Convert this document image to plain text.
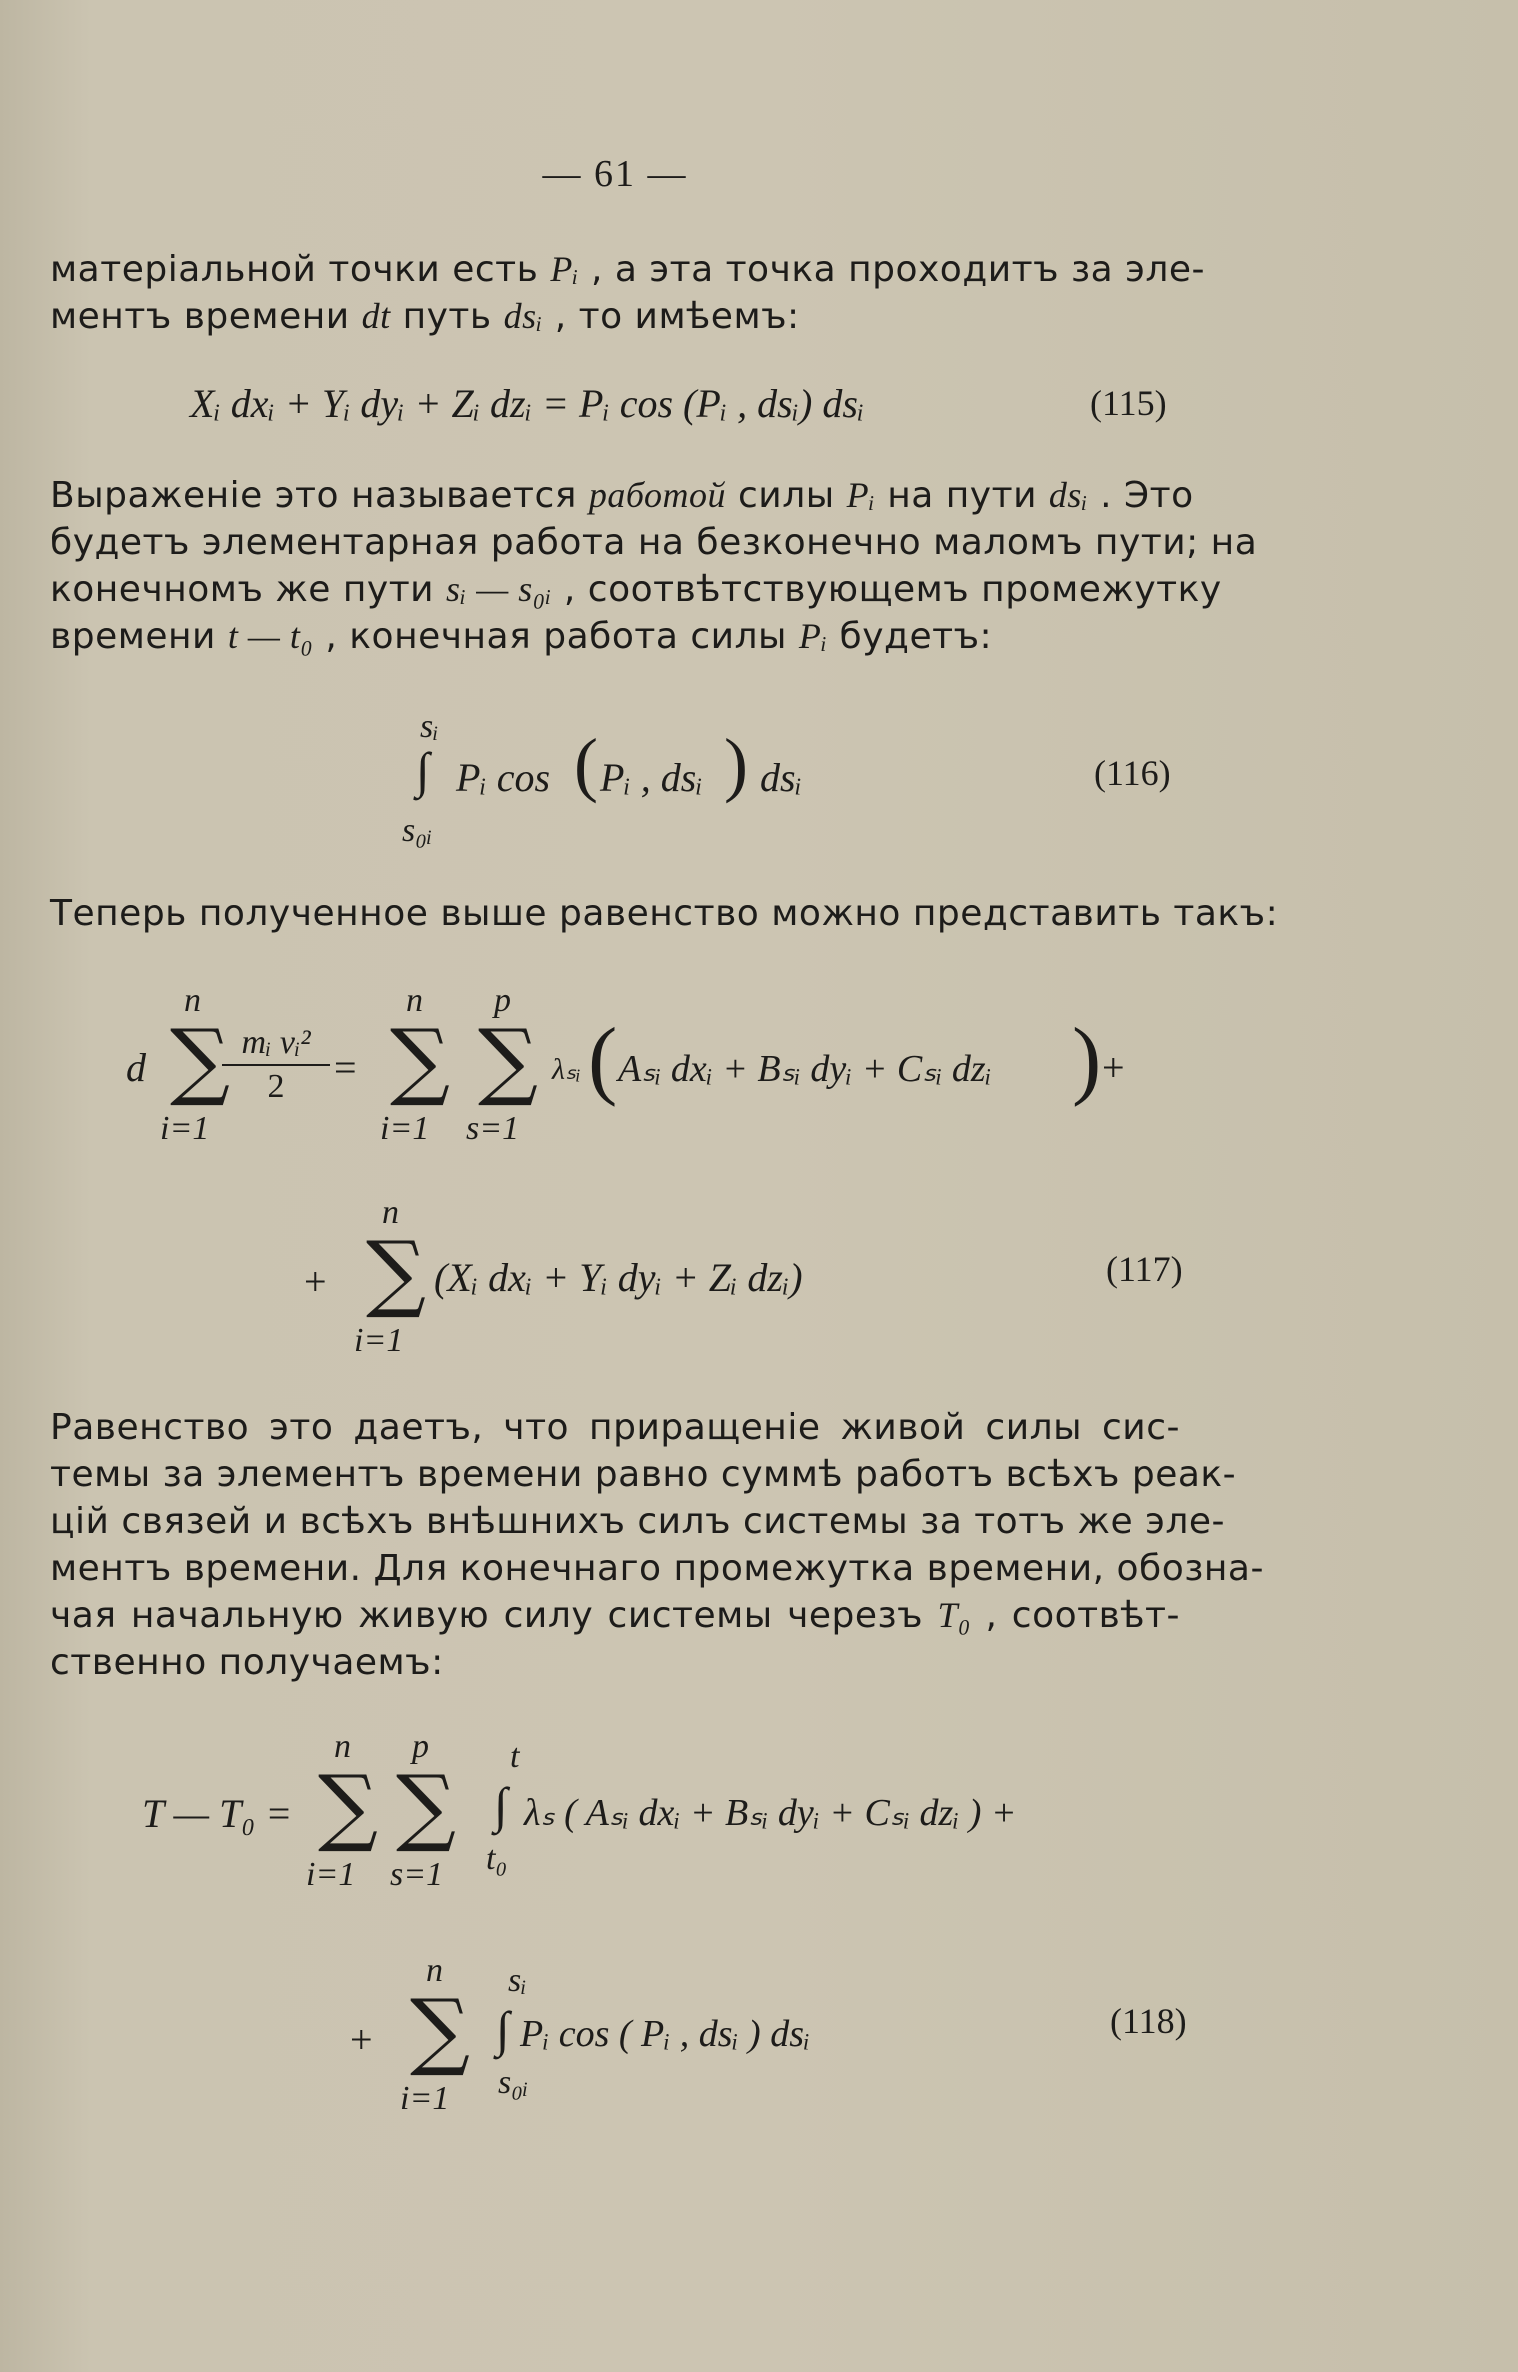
— 61 —
матеріальной точки есть Pᵢ , а эта точка проходитъ за эле-
ментъ времени dt путь dsᵢ , то имѣемъ:
Xᵢ dxᵢ + Yᵢ dyᵢ + Zᵢ dzᵢ = Pᵢ cos (Pᵢ , dsᵢ) dsᵢ	(115)
Выраженіе это называется работой силы Pᵢ на пути dsᵢ . Это
будетъ элементарная работа на безконечно маломъ пути; на
конечномъ же пути sᵢ — s₀ᵢ , соотвѣтствующемъ промежутку
времени t — t₀ , конечная работа силы Pᵢ будетъ:
sᵢ
∫
s₀ᵢ
Pᵢ cos ( Pᵢ , dsᵢ ) dsᵢ	(116)
Теперь полученное выше равенство можно представить такъ:
d
n
∑
i=1
mᵢ vᵢ²
2	=
n
∑
i=1
p
∑
s=1
λₛᵢ ( Aₛᵢ dxᵢ + Bₛᵢ dyᵢ + Cₛᵢ dzᵢ ) +
+
n
∑
i=1
(Xᵢ dxᵢ + Yᵢ dyᵢ + Zᵢ dzᵢ)	(117)
Равенство это даетъ, что приращеніе живой силы сис-
темы за элементъ времени равно суммѣ работъ всѣхъ реак-
цій связей и всѣхъ внѣшнихъ силъ системы за тотъ же эле-
ментъ времени. Для конечнаго промежутка времени, обозна-
чая начальную живую силу системы черезъ T₀ , соотвѣт-
ственно получаемъ:
T — T₀ =
n
∑
i=1
p
∑
s=1
t
∫
t₀
λₛ ( Aₛᵢ dxᵢ + Bₛᵢ dyᵢ + Cₛᵢ dzᵢ ) +
+
n
∑
i=1
sᵢ
∫
s₀ᵢ
Pᵢ cos ( Pᵢ , dsᵢ ) dsᵢ	(118)
